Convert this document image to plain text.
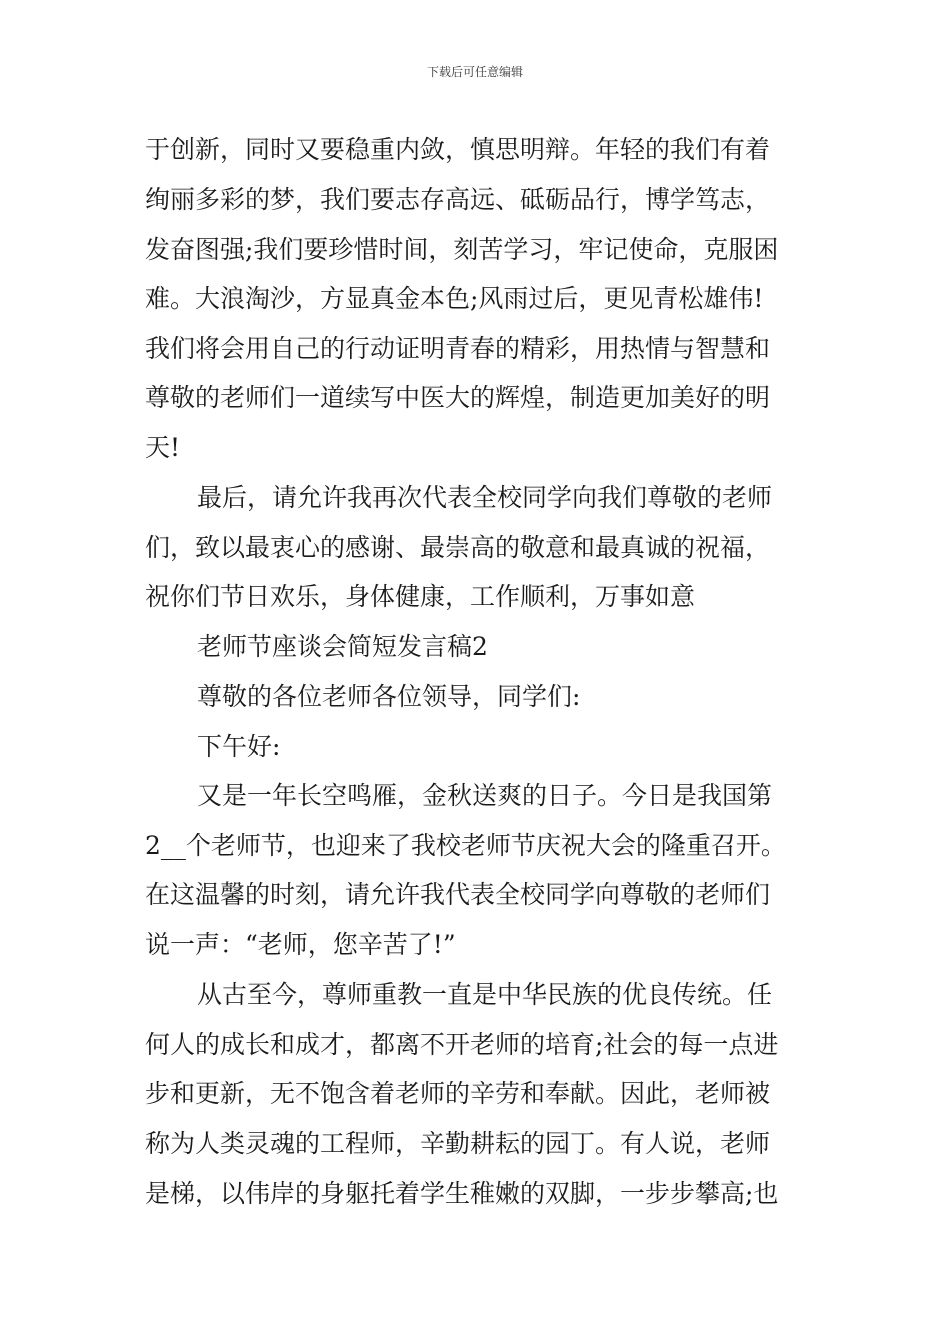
下载后可任意编辑
于创新，同时又要稳重内敛，慎思明辩。年轻的我们有着
绚丽多彩的梦，我们要志存高远、砥砺品行，博学笃志，
发奋图强;我们要珍惜时间，刻苦学习，牢记使命，克服困
难。大浪淘沙，方显真金本色;风雨过后，更见青松雄伟!
我们将会用自己的行动证明青春的精彩，用热情与智慧和
尊敬的老师们一道续写中医大的辉煌，制造更加美好的明
天!
最后，请允许我再次代表全校同学向我们尊敬的老师
们，致以最衷心的感谢、最崇高的敬意和最真诚的祝福，
祝你们节日欢乐，身体健康，工作顺利，万事如意
老师节座谈会简短发言稿2
尊敬的各位老师各位领导，同学们:
下午好:
又是一年长空鸣雁，金秋送爽的日子。今日是我国第
2__个老师节，也迎来了我校老师节庆祝大会的隆重召开。
在这温馨的时刻，请允许我代表全校同学向尊敬的老师们
说一声：“老师，您辛苦了!”
从古至今，尊师重教一直是中华民族的优良传统。任
何人的成长和成才，都离不开老师的培育;社会的每一点进
步和更新，无不饱含着老师的辛劳和奉献。因此，老师被
称为人类灵魂的工程师，辛勤耕耘的园丁。有人说，老师
是梯，以伟岸的身躯托着学生稚嫩的双脚，一步步攀高;也
